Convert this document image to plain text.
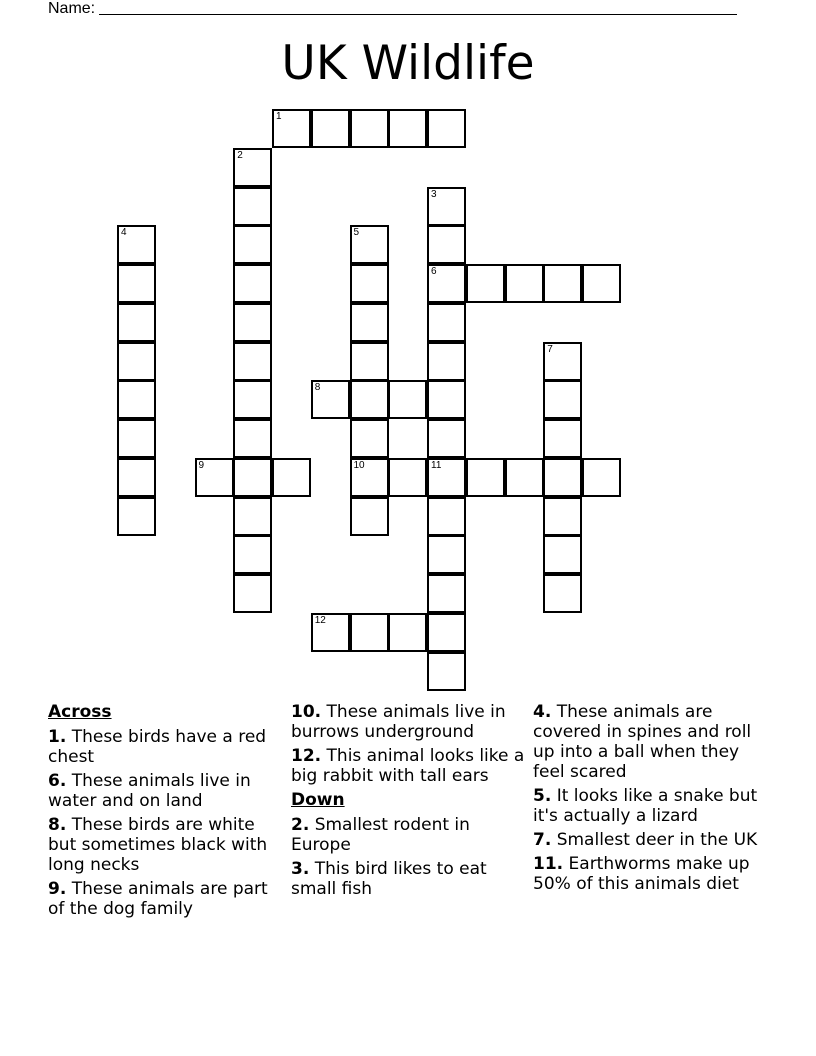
Name:
UK Wildlife
1
2
3
6
11
4	5
10
7
8
9
12
Across
1. These birds have a red chest
6. These animals live in water and on land
8. These birds are white but sometimes black with long necks
9. These animals are part of the dog family
10. These animals live in burrows underground
12. This animal looks like a big rabbit with tall ears
Down
2. Smallest rodent in Europe
3. This bird likes to eat small fish
4. These animals are covered in spines and roll up into a ball when they feel scared
5. It looks like a snake but it's actually a lizard
7. Smallest deer in the UK
11. Earthworms make up 50% of this animals diet
